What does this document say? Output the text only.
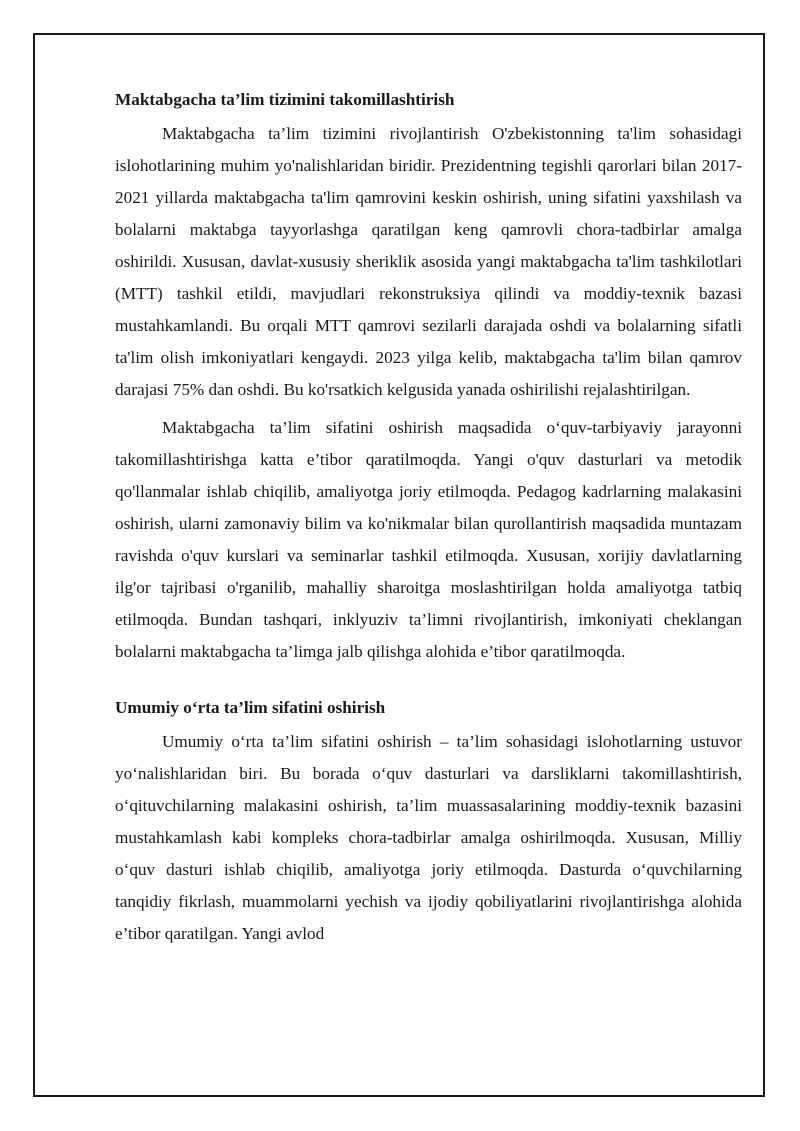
Maktabgacha ta’lim tizimini takomillashtirish

Maktabgacha ta’lim tizimini rivojlantirish O'zbekistonning ta'lim sohasidagi islohotlarining muhim yo'nalishlaridan biridir. Prezidentning tegishli qarorlari bilan 2017-2021 yillarda maktabgacha ta'lim qamrovini keskin oshirish, uning sifatini yaxshilash va bolalarni maktabga tayyorlashga qaratilgan keng qamrovli chora-tadbirlar amalga oshirildi. Xususan, davlat-xususiy sheriklik asosida yangi maktabgacha ta'lim tashkilotlari (MTT) tashkil etildi, mavjudlari rekonstruksiya qilindi va moddiy-texnik bazasi mustahkamlandi. Bu orqali MTT qamrovi sezilarli darajada oshdi va bolalarning sifatli ta'lim olish imkoniyatlari kengaydi. 2023 yilga kelib, maktabgacha ta'lim bilan qamrov darajasi 75% dan oshdi. Bu ko'rsatkich kelgusida yanada oshirilishi rejalashtirilgan.

Maktabgacha ta’lim sifatini oshirish maqsadida o‘quv-tarbiyaviy jarayonni takomillashtirishga katta e’tibor qaratilmoqda. Yangi o'quv dasturlari va metodik qo'llanmalar ishlab chiqilib, amaliyotga joriy etilmoqda. Pedagog kadrlarning malakasini oshirish, ularni zamonaviy bilim va ko'nikmalar bilan qurollantirish maqsadida muntazam ravishda o'quv kurslari va seminarlar tashkil etilmoqda. Xususan, xorijiy davlatlarning ilg'or tajribasi o'rganilib, mahalliy sharoitga moslashtirilgan holda amaliyotga tatbiq etilmoqda. Bundan tashqari, inklyuziv ta’limni rivojlantirish, imkoniyati cheklangan bolalarni maktabgacha ta’limga jalb qilishga alohida e’tibor qaratilmoqda.

Umumiy o‘rta ta’lim sifatini oshirish

Umumiy o‘rta ta’lim sifatini oshirish – ta’lim sohasidagi islohotlarning ustuvor yo‘nalishlaridan biri. Bu borada o‘quv dasturlari va darsliklarni takomillashtirish, o‘qituvchilarning malakasini oshirish, ta’lim muassasalarining moddiy-texnik bazasini mustahkamlash kabi kompleks chora-tadbirlar amalga oshirilmoqda. Xususan, Milliy o‘quv dasturi ishlab chiqilib, amaliyotga joriy etilmoqda. Dasturda o‘quvchilarning tanqidiy fikrlash, muammolarni yechish va ijodiy qobiliyatlarini rivojlantirishga alohida e’tibor qaratilgan. Yangi avlod
